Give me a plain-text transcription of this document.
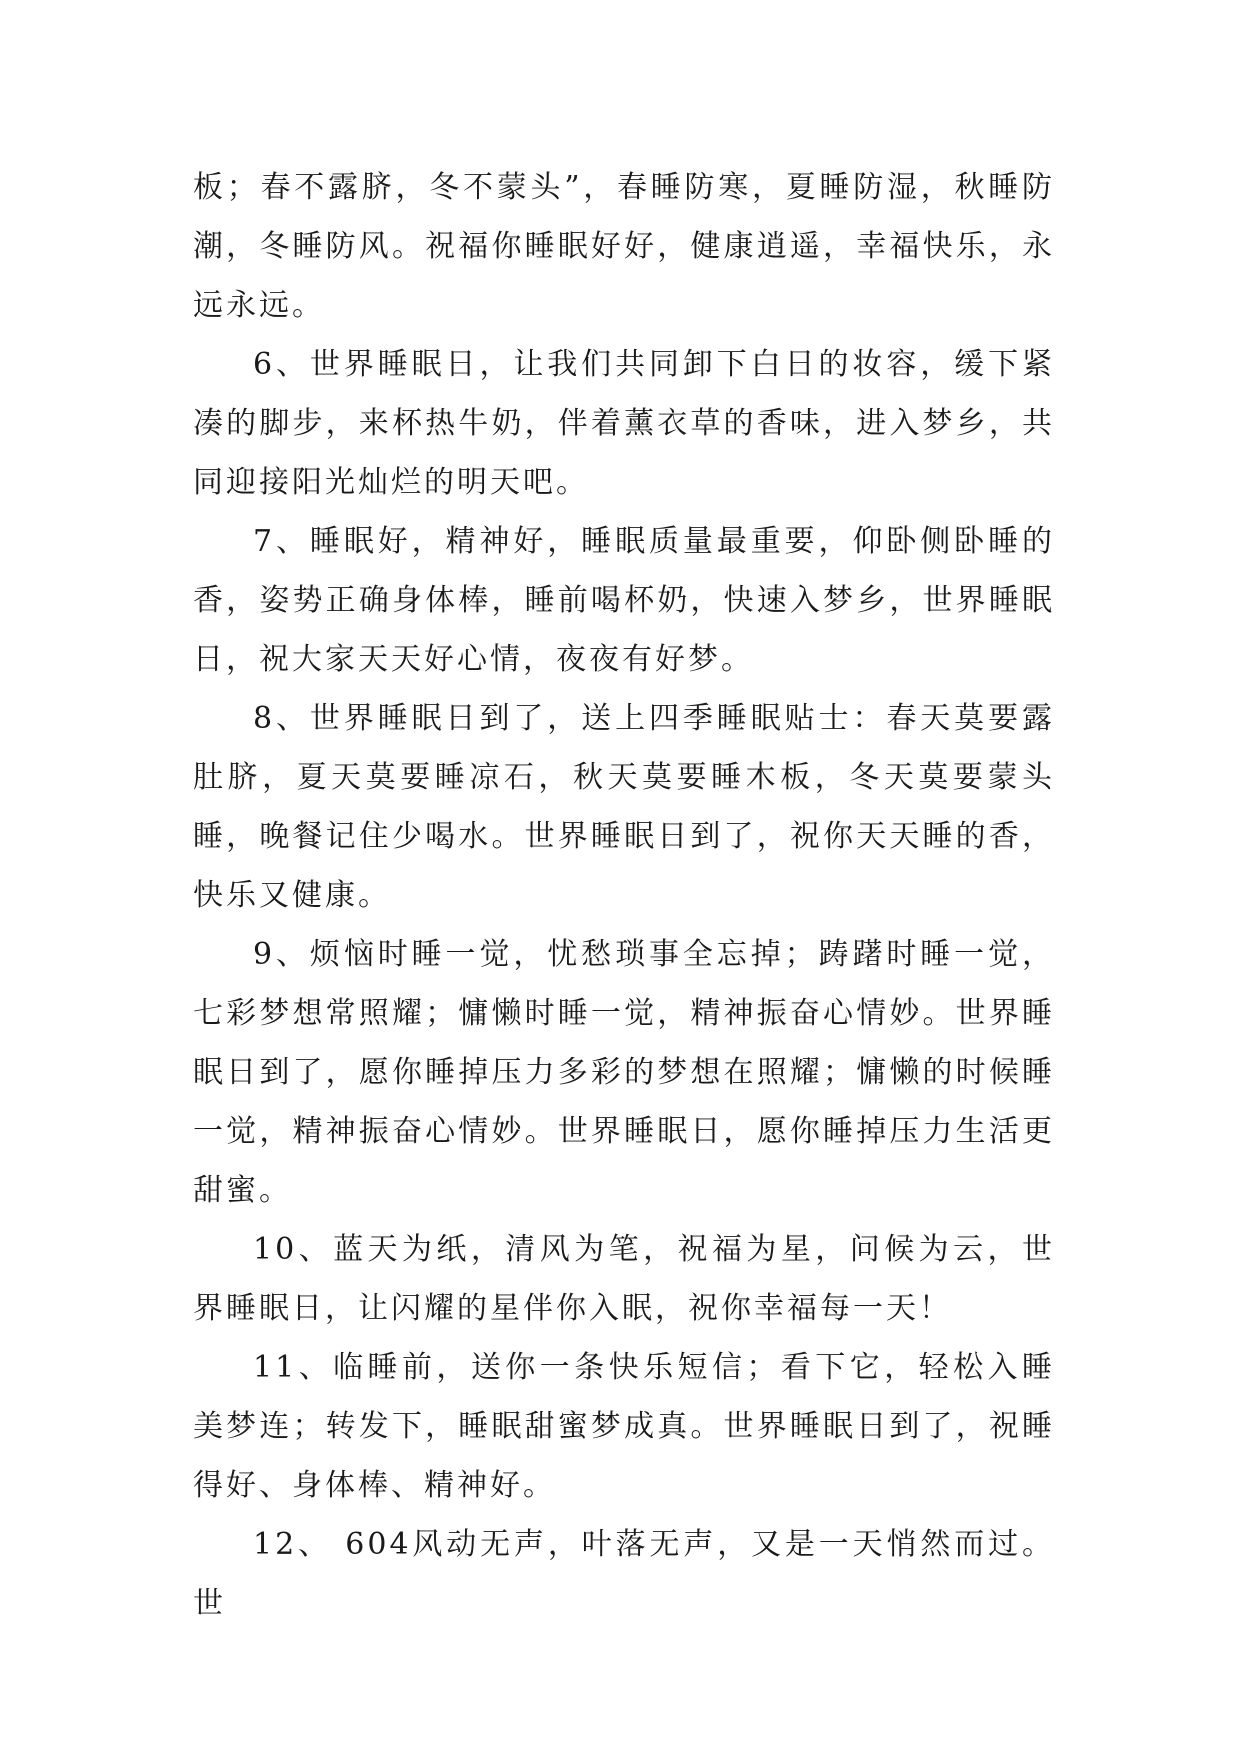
板；春不露脐，冬不蒙头”，春睡防寒，夏睡防湿，秋睡防潮，冬睡防风。祝福你睡眠好好，健康逍遥，幸福快乐，永远永远。

6、世界睡眠日，让我们共同卸下白日的妆容，缓下紧凑的脚步，来杯热牛奶，伴着薰衣草的香味，进入梦乡，共同迎接阳光灿烂的明天吧。

7、睡眠好，精神好，睡眠质量最重要，仰卧侧卧睡的香，姿势正确身体棒，睡前喝杯奶，快速入梦乡，世界睡眠日，祝大家天天好心情，夜夜有好梦。

8、世界睡眠日到了，送上四季睡眠贴士：春天莫要露肚脐，夏天莫要睡凉石，秋天莫要睡木板，冬天莫要蒙头睡，晚餐记住少喝水。世界睡眠日到了，祝你天天睡的香，快乐又健康。

9、烦恼时睡一觉，忧愁琐事全忘掉；踌躇时睡一觉，七彩梦想常照耀；慵懒时睡一觉，精神振奋心情妙。世界睡眠日到了，愿你睡掉压力多彩的梦想在照耀；慵懒的时候睡一觉，精神振奋心情妙。世界睡眠日，愿你睡掉压力生活更甜蜜。

10、蓝天为纸，清风为笔，祝福为星，问候为云，世界睡眠日，让闪耀的星伴你入眠，祝你幸福每一天！

11、临睡前，送你一条快乐短信；看下它，轻松入睡美梦连；转发下，睡眠甜蜜梦成真。世界睡眠日到了，祝睡得好、身体棒、精神好。

12、 604风动无声，叶落无声，又是一天悄然而过。世
